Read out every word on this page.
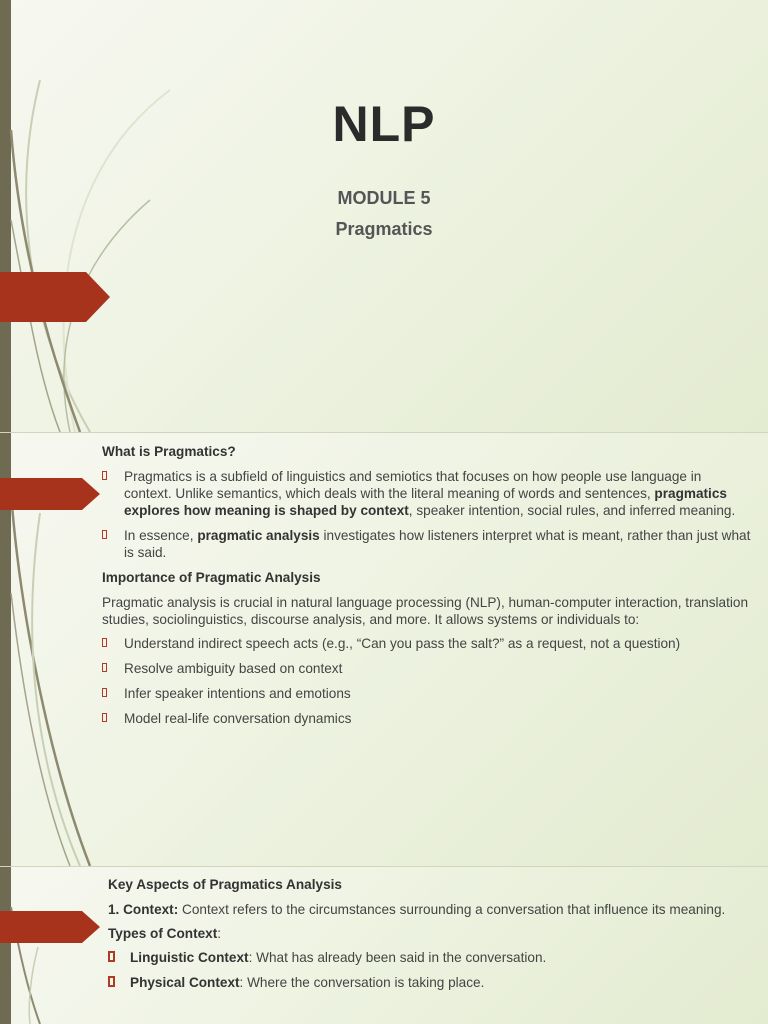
NLP
MODULE 5
Pragmatics
What is Pragmatics?
Pragmatics is a subfield of linguistics and semiotics that focuses on how people use language in context. Unlike semantics, which deals with the literal meaning of words and sentences, pragmatics explores how meaning is shaped by context, speaker intention, social rules, and inferred meaning.
In essence, pragmatic analysis investigates how listeners interpret what is meant, rather than just what is said.
Importance of Pragmatic Analysis
Pragmatic analysis is crucial in natural language processing (NLP), human-computer interaction, translation studies, sociolinguistics, discourse analysis, and more. It allows systems or individuals to:
Understand indirect speech acts (e.g., “Can you pass the salt?” as a request, not a question)
Resolve ambiguity based on context
Infer speaker intentions and emotions
Model real-life conversation dynamics
Key Aspects of Pragmatics Analysis
1. Context: Context refers to the circumstances surrounding a conversation that influence its meaning.
Types of Context:
Linguistic Context: What has already been said in the conversation.
Physical Context: Where the conversation is taking place.
